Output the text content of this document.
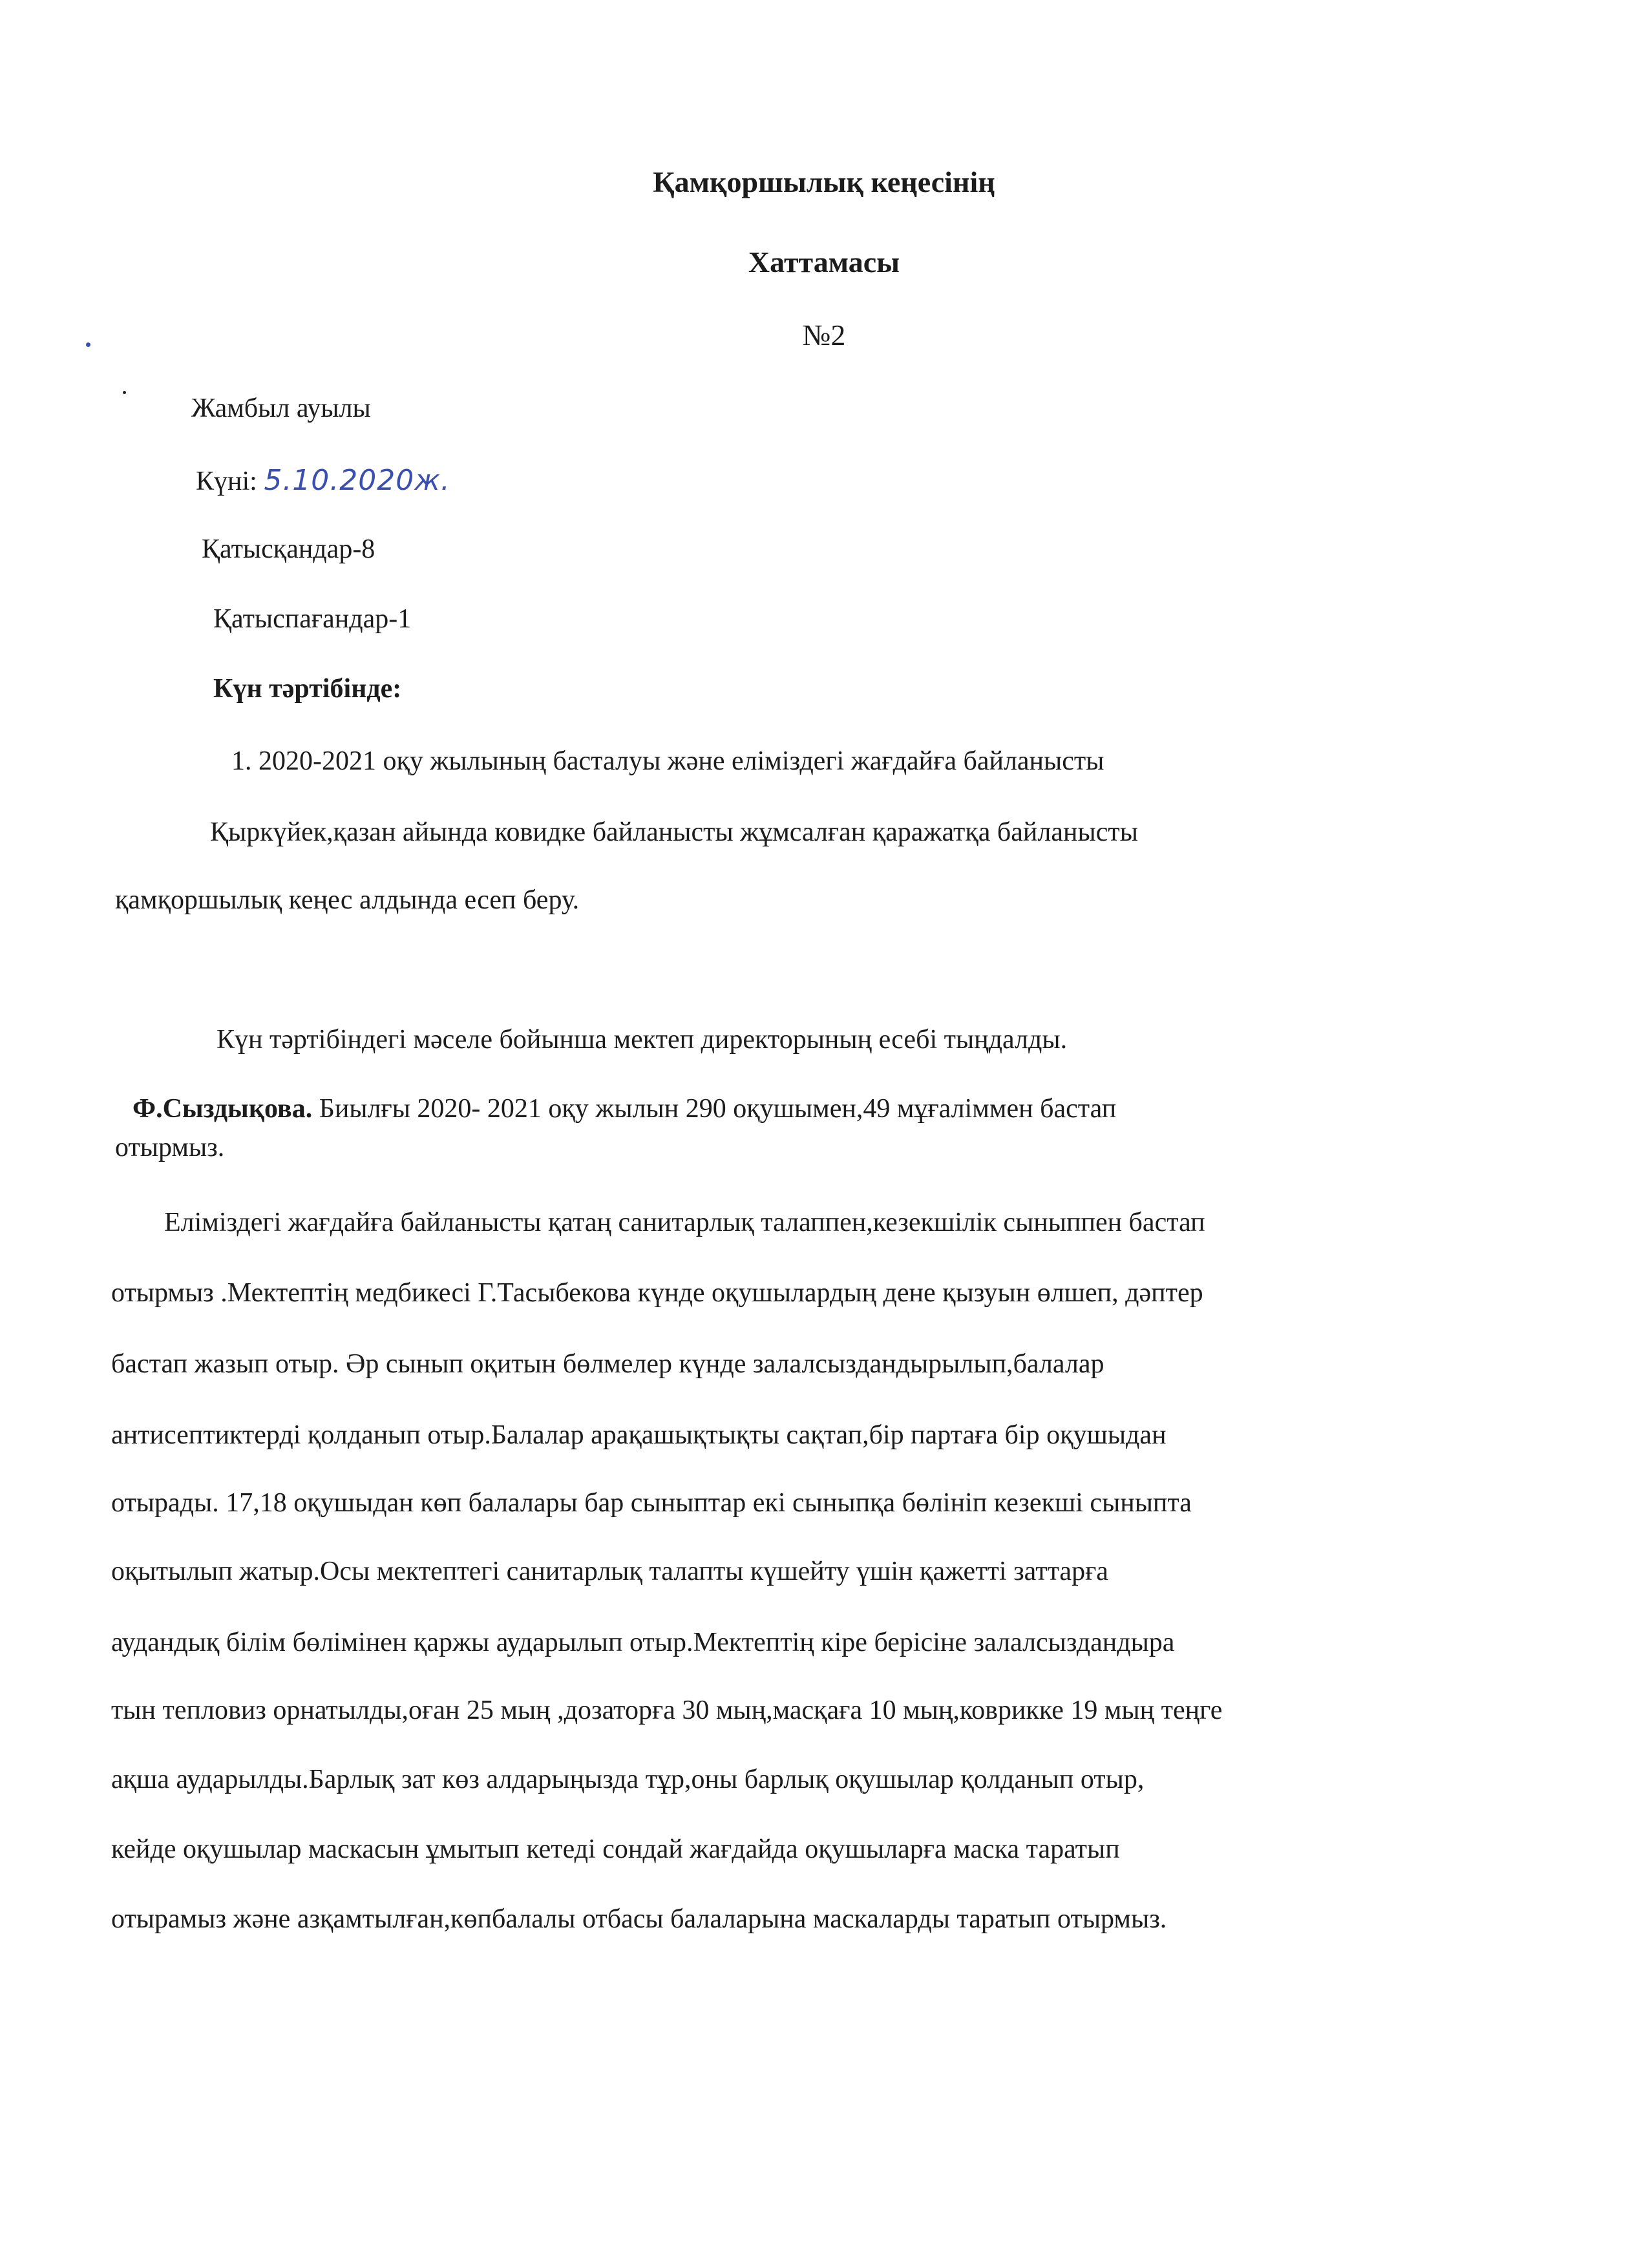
Қамқоршылық кеңесінің
Хаттамасы
№2
Жамбыл ауылы
Күні: 5.10.2020ж.
Қатысқандар-8
Қатыспағандар-1
Күн тәртібінде:
1. 2020-2021 оқу жылының басталуы және еліміздегі жағдайға байланысты
Қыркүйек,қазан айында ковидке байланысты жұмсалған қаражатқа байланысты
қамқоршылық кеңес алдында есеп беру.
Күн тәртібіндегі мәселе бойынша мектеп директорының есебі тыңдалды.
Ф.Сыздықова. Биылғы 2020- 2021 оқу жылын 290 оқушымен,49 мұғаліммен бастап
отырмыз.
Еліміздегі жағдайға байланысты қатаң санитарлық талаппен,кезекшілік сыныппен бастап
отырмыз .Мектептің медбикесі Г.Тасыбекова күнде оқушылардың дене қызуын өлшеп, дәптер
бастап жазып отыр. Әр сынып оқитын бөлмелер күнде залалсыздандырылып,балалар
антисептиктерді қолданып отыр.Балалар арақашықтықты сақтап,бір партаға бір оқушыдан
отырады. 17,18 оқушыдан көп балалары бар сыныптар екі сыныпқа бөлініп кезекші сыныпта
оқытылып жатыр.Осы мектептегі санитарлық талапты күшейту үшін қажетті заттарға
аудандық білім бөлімінен қаржы аударылып отыр.Мектептің кіре берісіне залалсыздандыра
тын тепловиз орнатылды,оған 25 мың ,дозаторға 30 мың,масқаға 10 мың,коврикке 19 мың теңге
ақша аударылды.Барлық зат көз алдарыңызда тұр,оны барлық оқушылар қолданып отыр,
кейде оқушылар маскасын ұмытып кетеді сондай жағдайда оқушыларға маска таратып
отырамыз және азқамтылған,көпбалалы отбасы балаларына маскаларды таратып отырмыз.
